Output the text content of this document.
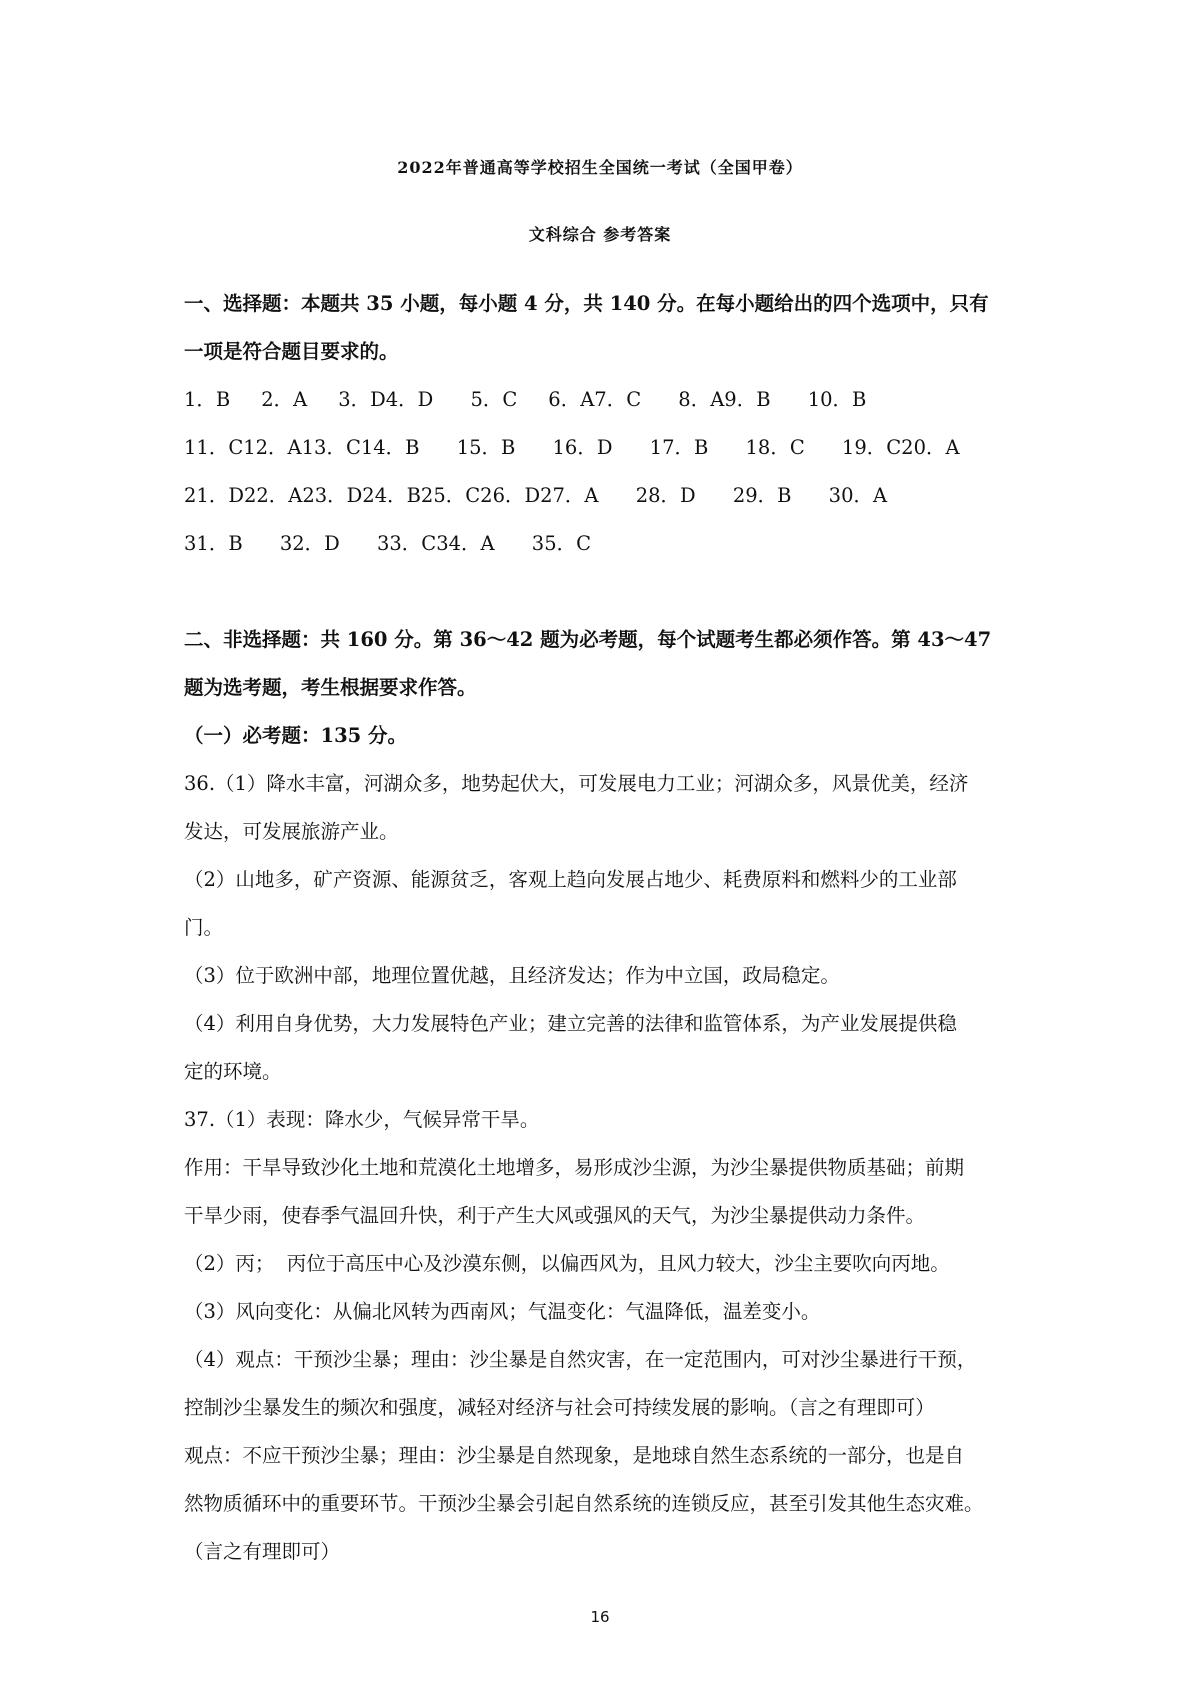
2022年普通高等学校招生全国统一考试（全国甲卷）
文科综合 参考答案
一、选择题：本题共 35 小题，每小题 4 分，共 140 分。在每小题给出的四个选项中，只有
一项是符合题目要求的。
1．B     2．A     3．D4．D      5．C     6．A7．C      8．A9．B      10．B
11．C12．A13．C14．B      15．B      16．D      17．B      18．C      19．C20．A
21．D22．A23．D24．B25．C26．D27．A      28．D      29．B      30．A
31．B      32．D      33．C34．A      35．C
二、非选择题：共 160 分。第 36～42 题为必考题，每个试题考生都必须作答。第 43～47
题为选考题，考生根据要求作答。
（一）必考题：135 分。
36.（1）降水丰富，河湖众多，地势起伏大，可发展电力工业；河湖众多，风景优美，经济
发达，可发展旅游产业。
（2）山地多，矿产资源、能源贫乏，客观上趋向发展占地少、耗费原料和燃料少的工业部
门。
（3）位于欧洲中部，地理位置优越，且经济发达；作为中立国，政局稳定。
（4）利用自身优势，大力发展特色产业；建立完善的法律和监管体系，为产业发展提供稳
定的环境。
37.（1）表现：降水少，气候异常干旱。
作用：干旱导致沙化土地和荒漠化土地增多，易形成沙尘源，为沙尘暴提供物质基础；前期
干旱少雨，使春季气温回升快，利于产生大风或强风的天气，为沙尘暴提供动力条件。
（2）丙；  丙位于高压中心及沙漠东侧，以偏西风为，且风力较大，沙尘主要吹向丙地。
（3）风向变化：从偏北风转为西南风；气温变化：气温降低，温差变小。
（4）观点：干预沙尘暴；理由：沙尘暴是自然灾害，在一定范围内，可对沙尘暴进行干预，
控制沙尘暴发生的频次和强度，减轻对经济与社会可持续发展的影响。（言之有理即可）
观点：不应干预沙尘暴；理由：沙尘暴是自然现象，是地球自然生态系统的一部分，也是自
然物质循环中的重要环节。干预沙尘暴会引起自然系统的连锁反应，甚至引发其他生态灾难。
（言之有理即可）
16
